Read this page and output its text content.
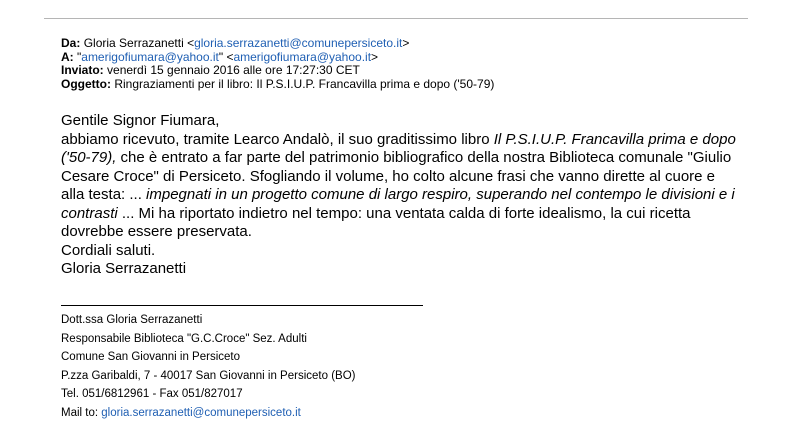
Da: Gloria Serrazanetti <gloria.serrazanetti@comunepersiceto.it>
A: "amerigofiumara@yahoo.it" <amerigofiumara@yahoo.it>
Inviato: venerdì 15 gennaio 2016 alle ore 17:27:30 CET
Oggetto: Ringraziamenti per il libro: Il P.S.I.U.P. Francavilla prima e dopo ('50-79)

Gentile Signor Fiumara,

abbiamo ricevuto, tramite Learco Andalò, il suo graditissimo libro Il P.S.I.U.P. Francavilla prima e dopo ('50-79), che è entrato a far parte del patrimonio bibliografico della nostra Biblioteca comunale "Giulio Cesare Croce" di Persiceto. Sfogliando il volume, ho colto alcune frasi che vanno dirette al cuore e alla testa: ... impegnati in un progetto comune di largo respiro, superando nel contempo le divisioni e i contrasti ... Mi ha riportato indietro nel tempo: una ventata calda di forte idealismo, la cui ricetta dovrebbe essere preservata.

Cordiali saluti.

Gloria Serrazanetti

Dott.ssa Gloria Serrazanetti
Responsabile Biblioteca "G.C.Croce" Sez. Adulti
Comune San Giovanni in Persiceto
P.zza Garibaldi, 7 - 40017 San Giovanni in Persiceto (BO)
Tel. 051/6812961 - Fax 051/827017
Mail to: gloria.serrazanetti@comunepersiceto.it
